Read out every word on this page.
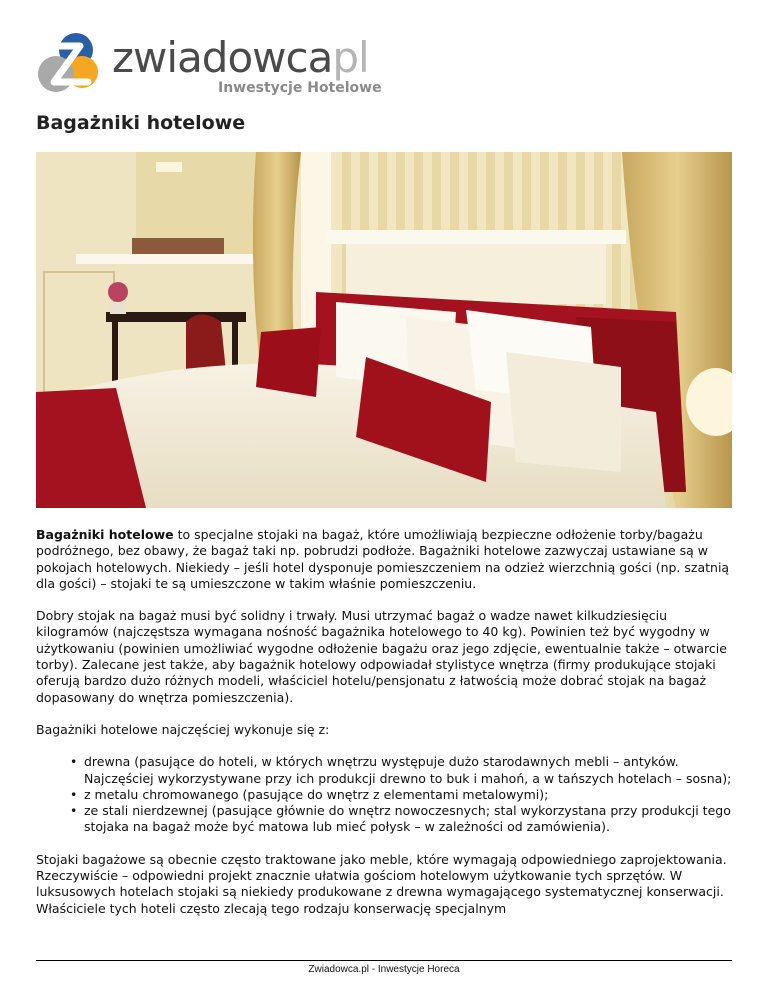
zwiadowcapl
Inwestycje Hotelowe
Bagażniki hotelowe

Bagażniki hotelowe to specjalne stojaki na bagaż, które umożliwiają bezpieczne odłożenie torby/bagażu podróżnego, bez obawy, że bagaż taki np. pobrudzi podłoże. Bagażniki hotelowe zazwyczaj ustawiane są w pokojach hotelowych. Niekiedy – jeśli hotel dysponuje pomieszczeniem na odzież wierzchnią gości (np. szatnią dla gości) – stojaki te są umieszczone w takim właśnie pomieszczeniu.

Dobry stojak na bagaż musi być solidny i trwały. Musi utrzymać bagaż o wadze nawet kilkudziesięciu kilogramów (najczęstsza wymagana nośność bagażnika hotelowego to 40 kg). Powinien też być wygodny w użytkowaniu (powinien umożliwiać wygodne odłożenie bagażu oraz jego zdjęcie, ewentualnie także – otwarcie torby). Zalecane jest także, aby bagażnik hotelowy odpowiadał stylistyce wnętrza (firmy produkujące stojaki oferują bardzo dużo różnych modeli, właściciel hotelu/pensjonatu z łatwością może dobrać stojak na bagaż dopasowany do wnętrza pomieszczenia).

Bagażniki hotelowe najczęściej wykonuje się z:

• drewna (pasujące do hoteli, w których wnętrzu występuje dużo starodawnych mebli – antyków. Najczęściej wykorzystywane przy ich produkcji drewno to buk i mahoń, a w tańszych hotelach – sosna);
• z metalu chromowanego (pasujące do wnętrz z elementami metalowymi);
• ze stali nierdzewnej (pasujące głównie do wnętrz nowoczesnych; stal wykorzystana przy produkcji tego stojaka na bagaż może być matowa lub mieć połysk – w zależności od zamówienia).

Stojaki bagażowe są obecnie często traktowane jako meble, które wymagają odpowiedniego zaprojektowania. Rzeczywiście – odpowiedni projekt znacznie ułatwia gościom hotelowym użytkowanie tych sprzętów. W luksusowych hotelach stojaki są niekiedy produkowane z drewna wymagającego systematycznej konserwacji. Właściciele tych hoteli często zlecają tego rodzaju konserwację specjalnym

Zwiadowca.pl - Inwestycje Horeca
